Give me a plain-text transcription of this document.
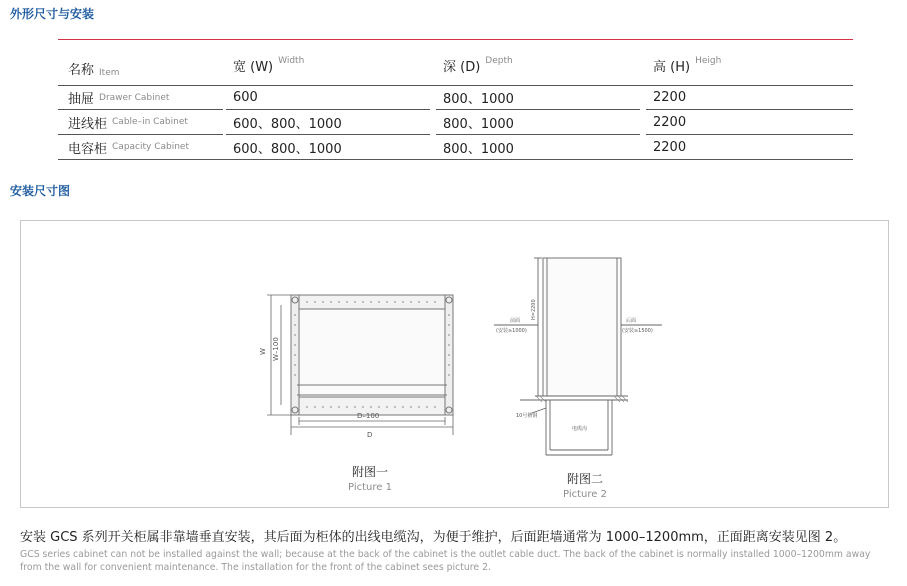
外形尺寸与安装
名称 Item	宽 (W) Width	深 (D) Depth	高 (H) Heigh
抽屉 Drawer Cabinet	600	800、1000	2200
进线柜 Cable–in Cabinet	600、800、1000	800、1000	2200
电容柜 Capacity Cabinet	600、800、1000	800、1000	2200
安装尺寸图
W W–100
D–100
D
附图一
Picture 1
H=2200
前面
(安装≥1000)
后面
(安装≥1500)
10号槽钢
电缆沟
附图二
Picture 2
安装 GCS 系列开关柜属非靠墙垂直安装，其后面为柜体的出线电缆沟，为便于维护，后面距墙通常为 1000–1200mm，正面距离安装见图 2。
GCS series cabinet can not be installed against the wall; because at the back of the cabinet is the outlet cable duct. The back of the cabinet is normally installed 1000–1200mm away from the wall for convenient maintenance. The installation for the front of the cabinet sees picture 2.
